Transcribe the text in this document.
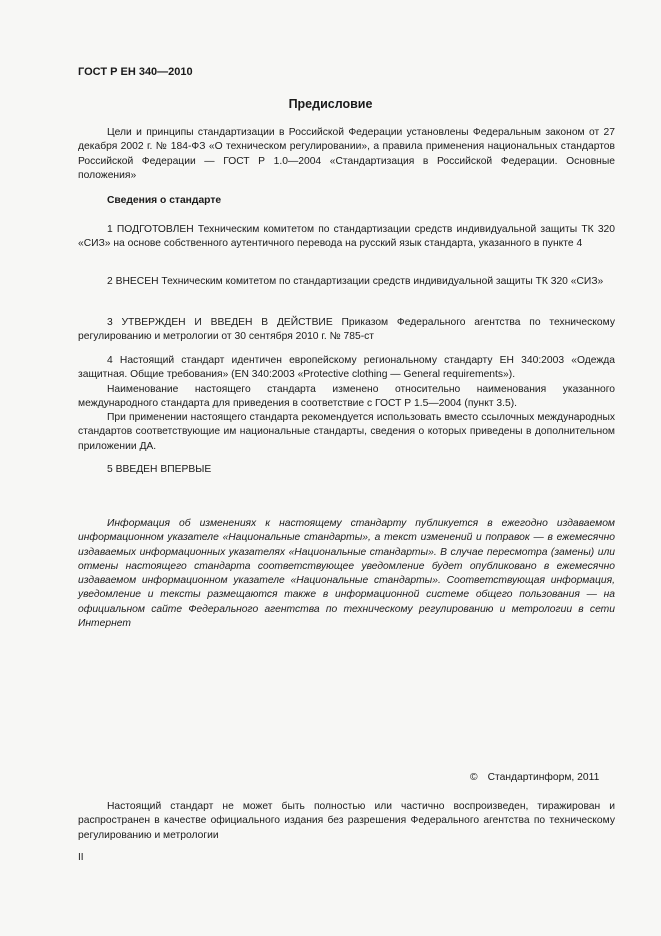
ГОСТ Р ЕН 340—2010
Предисловие

Цели и принципы стандартизации в Российской Федерации установлены Федеральным законом от 27 декабря 2002 г. № 184-ФЗ «О техническом регулировании», а правила применения национальных стандартов Российской Федерации — ГОСТ Р 1.0—2004 «Стандартизация в Российской Федерации. Основные положения»

Сведения о стандарте

1 ПОДГОТОВЛЕН Техническим комитетом по стандартизации средств индивидуальной защиты ТК 320 «СИЗ» на основе собственного аутентичного перевода на русский язык стандарта, указанного в пункте 4

2 ВНЕСЕН Техническим комитетом по стандартизации средств индивидуальной защиты ТК 320 «СИЗ»

3 УТВЕРЖДЕН И ВВЕДЕН В ДЕЙСТВИЕ Приказом Федерального агентства по техническому регулированию и метрологии от 30 сентября 2010 г. № 785-ст

4 Настоящий стандарт идентичен европейскому региональному стандарту ЕН 340:2003 «Одежда защитная. Общие требования» (EN 340:2003 «Protective clothing — General requirements»).

Наименование настоящего стандарта изменено относительно наименования указанного международного стандарта для приведения в соответствие с ГОСТ Р 1.5—2004 (пункт 3.5).

При применении настоящего стандарта рекомендуется использовать вместо ссылочных международных стандартов соответствующие им национальные стандарты, сведения о которых приведены в дополнительном приложении ДА.

5 ВВЕДЕН ВПЕРВЫЕ

Информация об изменениях к настоящему стандарту публикуется в ежегодно издаваемом информационном указателе «Национальные стандарты», а текст изменений и поправок — в ежемесячно издаваемых информационных указателях «Национальные стандарты». В случае пересмотра (замены) или отмены настоящего стандарта соответствующее уведомление будет опубликовано в ежемесячно издаваемом информационном указателе «Национальные стандарты». Соответствующая информация, уведомление и тексты размещаются также в информационной системе общего пользования — на официальном сайте Федерального агентства по техническому регулированию и метрологии в сети Интернет

© Стандартинформ, 2011

Настоящий стандарт не может быть полностью или частично воспроизведен, тиражирован и распространен в качестве официального издания без разрешения Федерального агентства по техническому регулированию и метрологии

II
